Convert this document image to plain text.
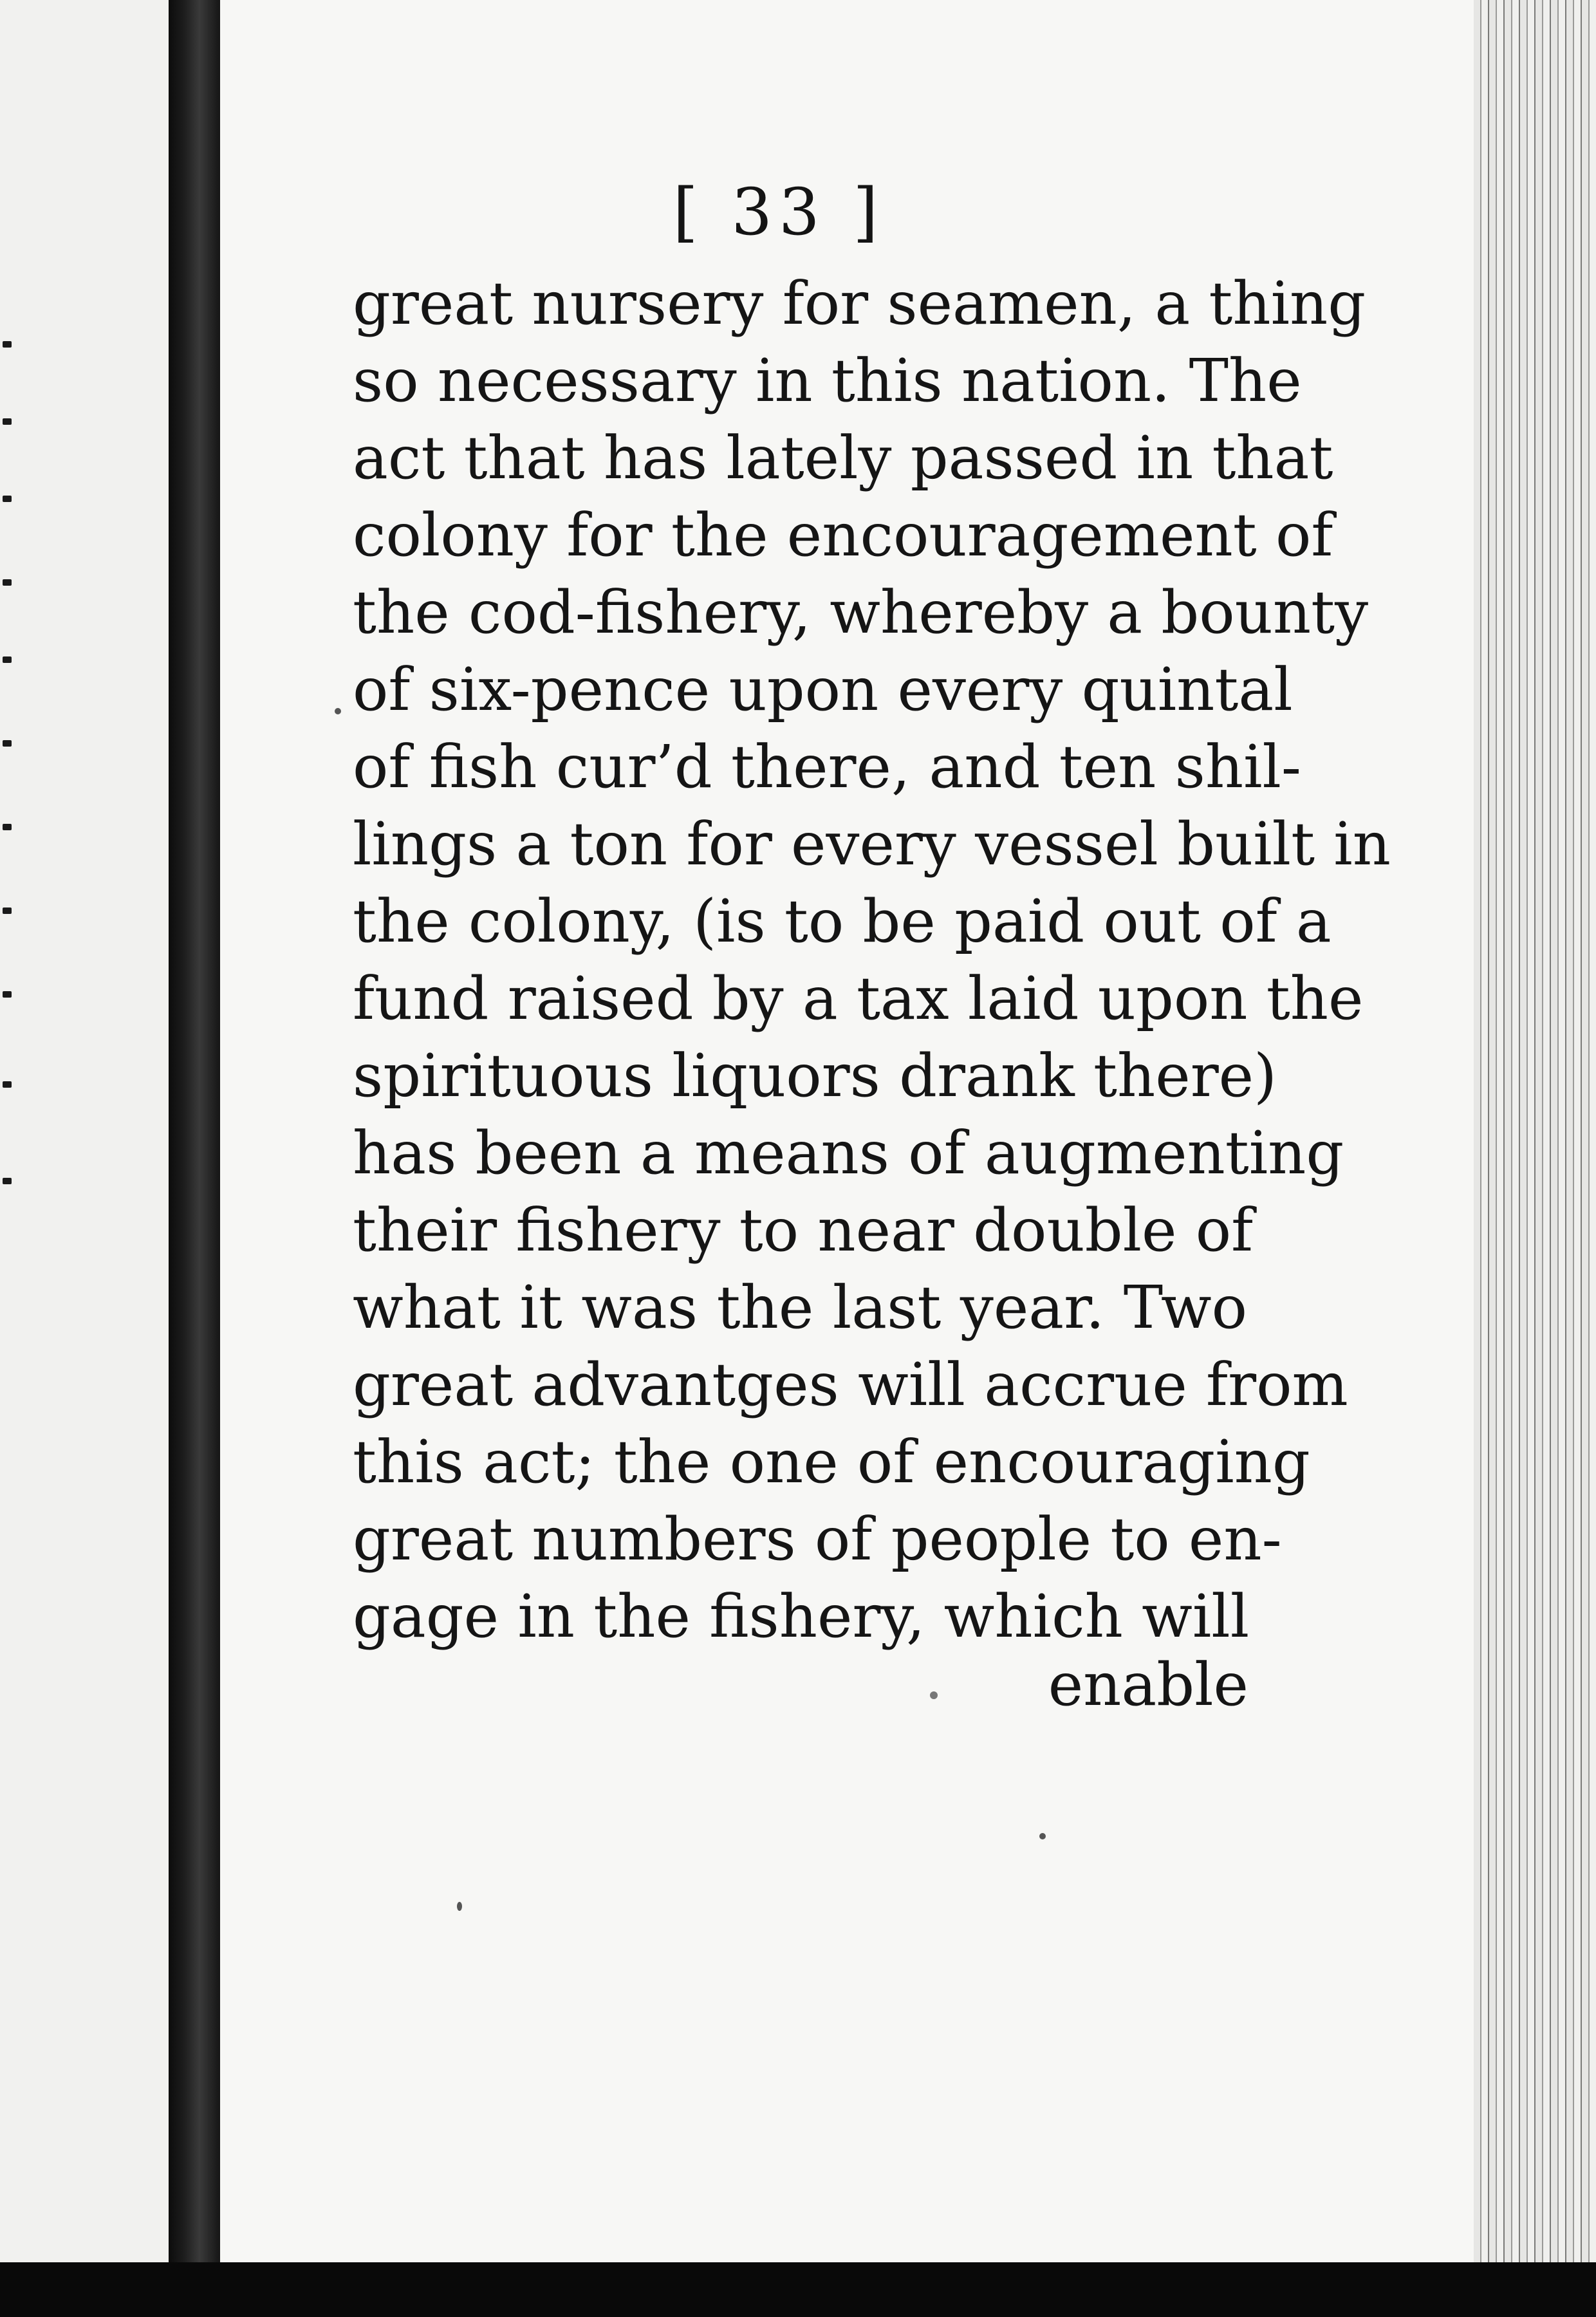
[ 33 ]
great nursery for seamen, a thing
so necessary in this nation. The
act that has lately passed in that
colony for the encouragement of
the cod-fishery, whereby a bounty
of six-pence upon every quintal
of fish cur’d there, and ten shil-
lings a ton for every vessel built in
the colony, (is to be paid out of a
fund raised by a tax laid upon the
spirituous liquors drank there)
has been a means of augmenting
their fishery to near double of
what it was the last year. Two
great advantges will accrue from
this act; the one of encouraging
great numbers of people to en-
gage in the fishery, which will
enable
